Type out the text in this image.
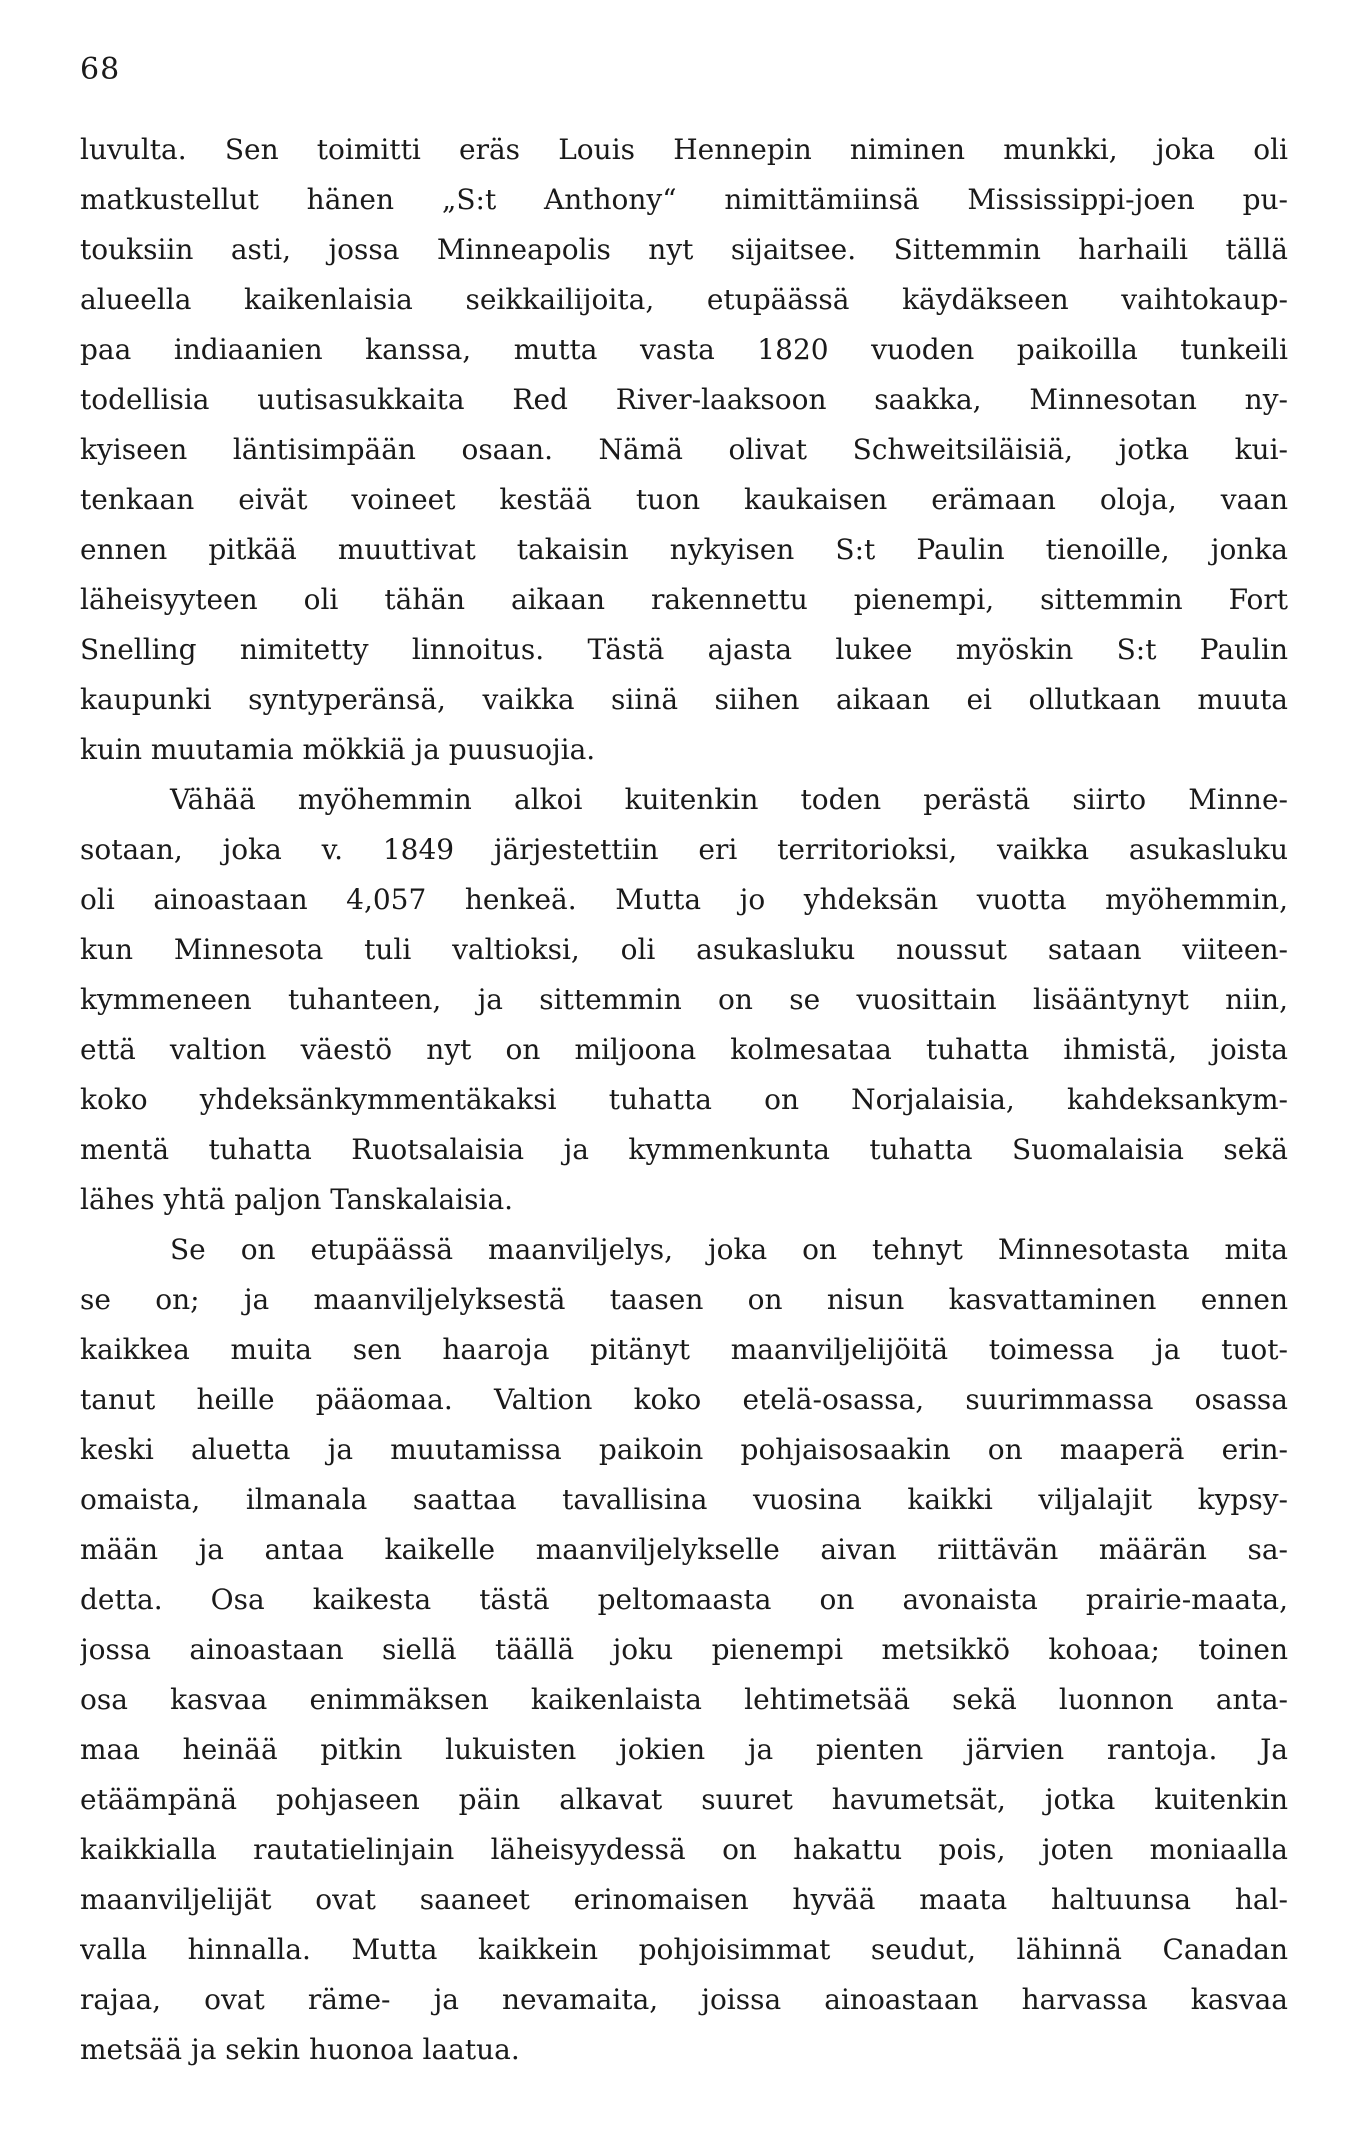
68
luvulta. Sen toimitti eräs Louis Hennepin niminen munkki, joka oli
matkustellut hänen „S:t Anthony“ nimittämiinsä Mississippi-joen pu-
touksiin asti, jossa Minneapolis nyt sijaitsee. Sittemmin harhaili tällä
alueella kaikenlaisia seikkailijoita, etupäässä käydäkseen vaihtokaup-
paa indiaanien kanssa, mutta vasta 1820 vuoden paikoilla tunkeili
todellisia uutisasukkaita Red River-laaksoon saakka, Minnesotan ny-
kyiseen läntisimpään osaan. Nämä olivat Schweitsiläisiä, jotka kui-
tenkaan eivät voineet kestää tuon kaukaisen erämaan oloja, vaan
ennen pitkää muuttivat takaisin nykyisen S:t Paulin tienoille, jonka
läheisyyteen oli tähän aikaan rakennettu pienempi, sittemmin Fort
Snelling nimitetty linnoitus. Tästä ajasta lukee myöskin S:t Paulin
kaupunki syntyperänsä, vaikka siinä siihen aikaan ei ollutkaan muuta
kuin muutamia mökkiä ja puusuojia.
Vähää myöhemmin alkoi kuitenkin toden perästä siirto Minne-
sotaan, joka v. 1849 järjestettiin eri territorioksi, vaikka asukasluku
oli ainoastaan 4,057 henkeä. Mutta jo yhdeksän vuotta myöhemmin,
kun Minnesota tuli valtioksi, oli asukasluku noussut sataan viiteen-
kymmeneen tuhanteen, ja sittemmin on se vuosittain lisääntynyt niin,
että valtion väestö nyt on miljoona kolmesataa tuhatta ihmistä, joista
koko yhdeksänkymmentäkaksi tuhatta on Norjalaisia, kahdeksankym-
mentä tuhatta Ruotsalaisia ja kymmenkunta tuhatta Suomalaisia sekä
lähes yhtä paljon Tanskalaisia.
Se on etupäässä maanviljelys, joka on tehnyt Minnesotasta mita
se on; ja maanviljelyksestä taasen on nisun kasvattaminen ennen
kaikkea muita sen haaroja pitänyt maanviljelijöitä toimessa ja tuot-
tanut heille pääomaa. Valtion koko etelä-osassa, suurimmassa osassa
keski aluetta ja muutamissa paikoin pohjaisosaakin on maaperä erin-
omaista, ilmanala saattaa tavallisina vuosina kaikki viljalajit kypsy-
mään ja antaa kaikelle maanviljelykselle aivan riittävän määrän sa-
detta. Osa kaikesta tästä peltomaasta on avonaista prairie-maata,
jossa ainoastaan siellä täällä joku pienempi metsikkö kohoaa; toinen
osa kasvaa enimmäksen kaikenlaista lehtimetsää sekä luonnon anta-
maa heinää pitkin lukuisten jokien ja pienten järvien rantoja. Ja
etäämpänä pohjaseen päin alkavat suuret havumetsät, jotka kuitenkin
kaikkialla rautatielinjain läheisyydessä on hakattu pois, joten moniaalla
maanviljelijät ovat saaneet erinomaisen hyvää maata haltuunsa hal-
valla hinnalla. Mutta kaikkein pohjoisimmat seudut, lähinnä Canadan
rajaa, ovat räme- ja nevamaita, joissa ainoastaan harvassa kasvaa
metsää ja sekin huonoa laatua.
